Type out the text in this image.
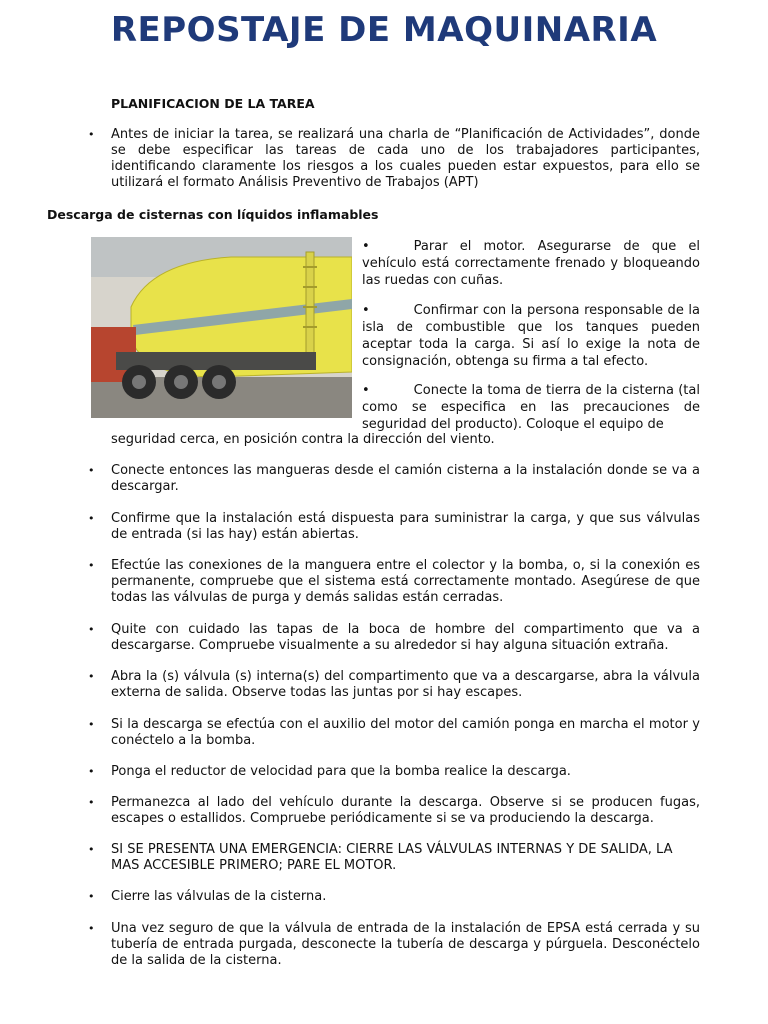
REPOSTAJE DE MAQUINARIA

PLANIFICACION DE LA TAREA

• Antes de iniciar la tarea, se realizará una charla de “Planificación de Actividades”, donde se debe especificar las tareas de cada uno de los trabajadores participantes, identificando claramente los riesgos a los cuales pueden estar expuestos, para ello se utilizará el formato Análisis Preventivo de Trabajos (APT)

Descarga de cisternas con líquidos inflamables

•	Parar el motor. Asegurarse de que el vehículo está correctamente frenado y bloqueando las ruedas con cuñas.
•	Confirmar con la persona responsable de la isla de combustible que los tanques pueden aceptar toda la carga. Si así lo exige la nota de consignación, obtenga su firma a tal efecto.
•	Conecte la toma de tierra de la cisterna (tal como se especifica en las precauciones de seguridad del producto). Coloque el equipo de

seguridad cerca, en posición contra la dirección del viento.

• Conecte entonces las mangueras desde el camión cisterna a la instalación donde se va a descargar.

• Confirme que la instalación está dispuesta para suministrar la carga, y que sus válvulas de entrada (si las hay) están abiertas.

• Efectúe las conexiones de la manguera entre el colector y la bomba, o, si la conexión es permanente, compruebe que el sistema está correctamente montado. Asegúrese de que todas las válvulas de purga y demás salidas están cerradas.

• Quite con cuidado las tapas de la boca de hombre del compartimento que va a descargarse. Compruebe visualmente a su alrededor si hay alguna situación extraña.

• Abra la (s) válvula (s) interna(s) del compartimento que va a descargarse, abra la válvula externa de salida. Observe todas las juntas por si hay escapes.

• Si la descarga se efectúa con el auxilio del motor del camión ponga en marcha el motor y conéctelo a la bomba.

• Ponga el reductor de velocidad para que la bomba realice la descarga.

• Permanezca al lado del vehículo durante la descarga. Observe si se producen fugas, escapes o estallidos. Compruebe periódicamente si se va produciendo la descarga.

• SI SE PRESENTA UNA EMERGENCIA: CIERRE LAS VÁLVULAS INTERNAS Y DE SALIDA, LA MAS ACCESIBLE PRIMERO; PARE EL MOTOR.

• Cierre las válvulas de la cisterna.

• Una vez seguro de que la válvula de entrada de la instalación de EPSA está cerrada y su tubería de entrada purgada, desconecte la tubería de descarga y púrguela. Desconéctelo de la salida de la cisterna.
